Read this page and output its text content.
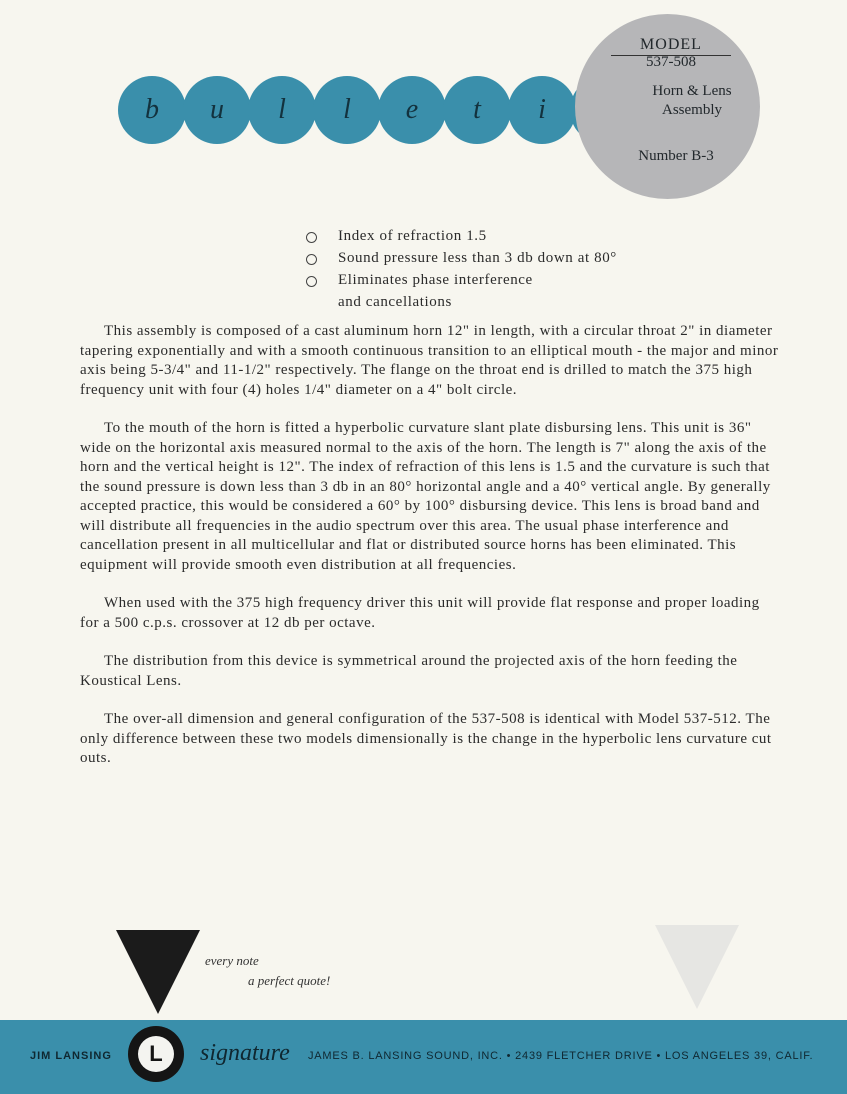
b	u	l	l	e	t	i
MODEL
537-508
Horn & Lens
Assembly
Number B-3
Index of refraction 1.5
Sound pressure less than 3 db down at 80°
Eliminates phase interference
and cancellations

This assembly is composed of a cast aluminum horn 12" in length, with a circular throat 2" in diameter tapering exponentially and with a smooth continuous transition to an elliptical mouth - the major and minor axis being 5-3/4" and 11-1/2" respectively. The flange on the throat end is drilled to match the 375 high frequency unit with four (4) holes 1/4" diameter on a 4" bolt circle.

To the mouth of the horn is fitted a hyperbolic curvature slant plate disbursing lens. This unit is 36" wide on the horizontal axis measured normal to the axis of the horn. The length is 7" along the axis of the horn and the vertical height is 12". The index of refraction of this lens is 1.5 and the curvature is such that the sound pressure is down less than 3 db in an 80° horizontal angle and a 40° vertical angle. By generally accepted practice, this would be considered a 60° by 100° disbursing device. This lens is broad band and will distribute all frequencies in the audio spectrum over this area. The usual phase interference and cancellation present in all multicellular and flat or distributed source horns has been eliminated. This equipment will provide smooth even distribution at all frequencies.

When used with the 375 high frequency driver this unit will provide flat response and proper loading for a 500 c.p.s. crossover at 12 db per octave.

The distribution from this device is symmetrical around the projected axis of the horn feeding the Koustical Lens.

The over-all dimension and general configuration of the 537-508 is identical with Model 537-512. The only difference between these two models dimensionally is the change in the hyperbolic lens curvature cut outs.

every note
a perfect quote!
JIM LANSING	L	signature JAMES B. LANSING SOUND, INC. • 2439 FLETCHER DRIVE • LOS ANGELES 39, CALIF.
